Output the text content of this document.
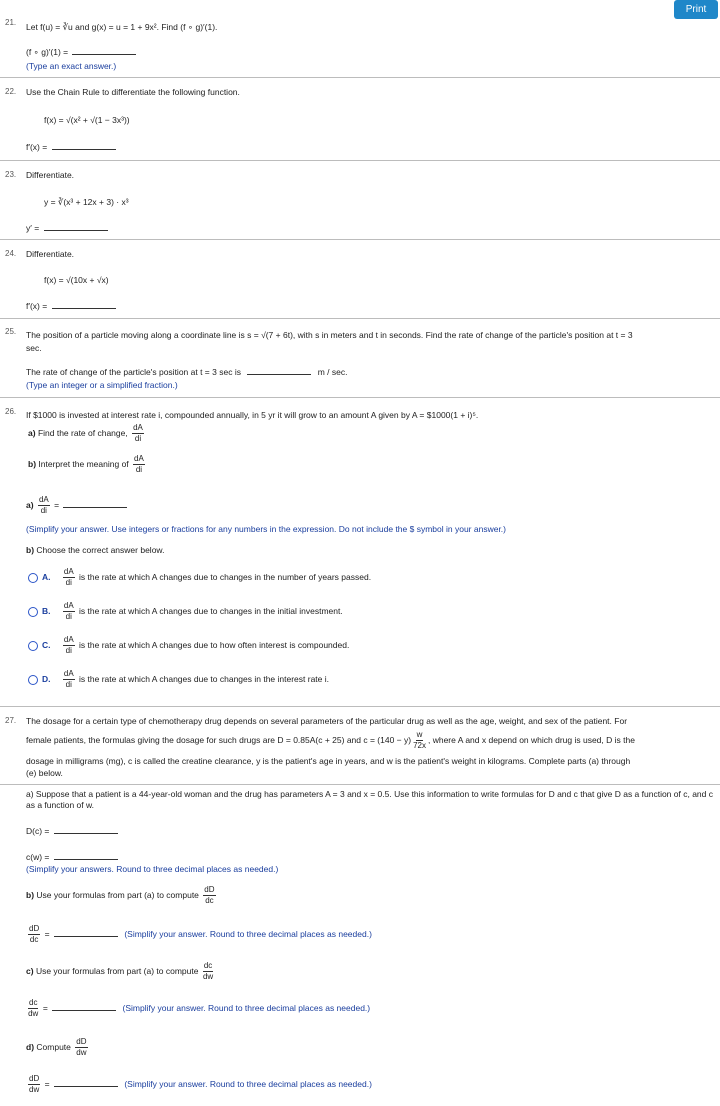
Print
21. Let f(u) = ∛u and g(x) = u = 1 + 9x². Find (f ∘ g)′(1).
(f ∘ g)′(1) =
(Type an exact answer.)
22. Use the Chain Rule to differentiate the following function.
f(x) = √(x² + √(1 − 3x³))
f′(x) =
23. Differentiate.
y = ∛(x³ + 12x + 3) · x³
y′ =
24. Differentiate.
f(x) = √(10x + √x)
f′(x) =
25. The position of a particle moving along a coordinate line is s = √(7 + 6t), with s in meters and t in seconds. Find the rate of change of the particle's position at t = 3
sec.
The rate of change of the particle's position at t = 3 sec is	m / sec.
(Type an integer or a simplified fraction.)
26. If $1000 is invested at interest rate i, compounded annually, in 5 yr it will grow to an amount A given by A = $1000(1 + i)⁵.
a) Find the rate of change, $\frac{dA}{di}$
b) Interpret the meaning of $\frac{dA}{di}$
$a) \frac{dA}{di}$ =
(Simplify your answer. Use integers or fractions for any numbers in the expression. Do not include the $ symbol in your answer.)
b) Choose the correct answer below.
A. $\frac{dA}{di}$ is the rate at which A changes due to changes in the number of years passed.
B. $\frac{dA}{di}$ is the rate at which A changes due to changes in the initial investment.
C. $\frac{dA}{di}$ is the rate at which A changes due to how often interest is compounded.
D. $\frac{dA}{di}$ is the rate at which A changes due to changes in the interest rate i.
27. The dosage for a certain type of chemotherapy drug depends on several parameters of the particular drug as well as the age, weight, and sex of the patient. For
female patients, the formulas giving the dosage for such drugs are D = 0.85A(c + 25) and $c = (140 - y) \frac{w}{72x}$ , where A and x depend on which drug is used, D is the
dosage in milligrams (mg), c is called the creatine clearance, y is the patient's age in years, and w is the patient's weight in kilograms. Complete parts (a) through
(e) below.
a) Suppose that a patient is a 44-year-old woman and the drug has parameters A = 3 and x = 0.5. Use this information to write formulas for D and c that give D as a function of c, and c as a function of w.
D(c) =
c(w) =
(Simplify your answers. Round to three decimal places as needed.)
b) Use your formulas from part (a) to compute $\frac{dD}{dc}$
$\frac{dD}{dc}$ =	(Simplify your answer. Round to three decimal places as needed.)
c) Use your formulas from part (a) to compute $\frac{dc}{dw}$
$\frac{dc}{dw}$ =	(Simplify your answer. Round to three decimal places as needed.)
d) Compute $\frac{dD}{dw}$
$\frac{dD}{dw}$ =	(Simplify your answer. Round to three decimal places as needed.)
